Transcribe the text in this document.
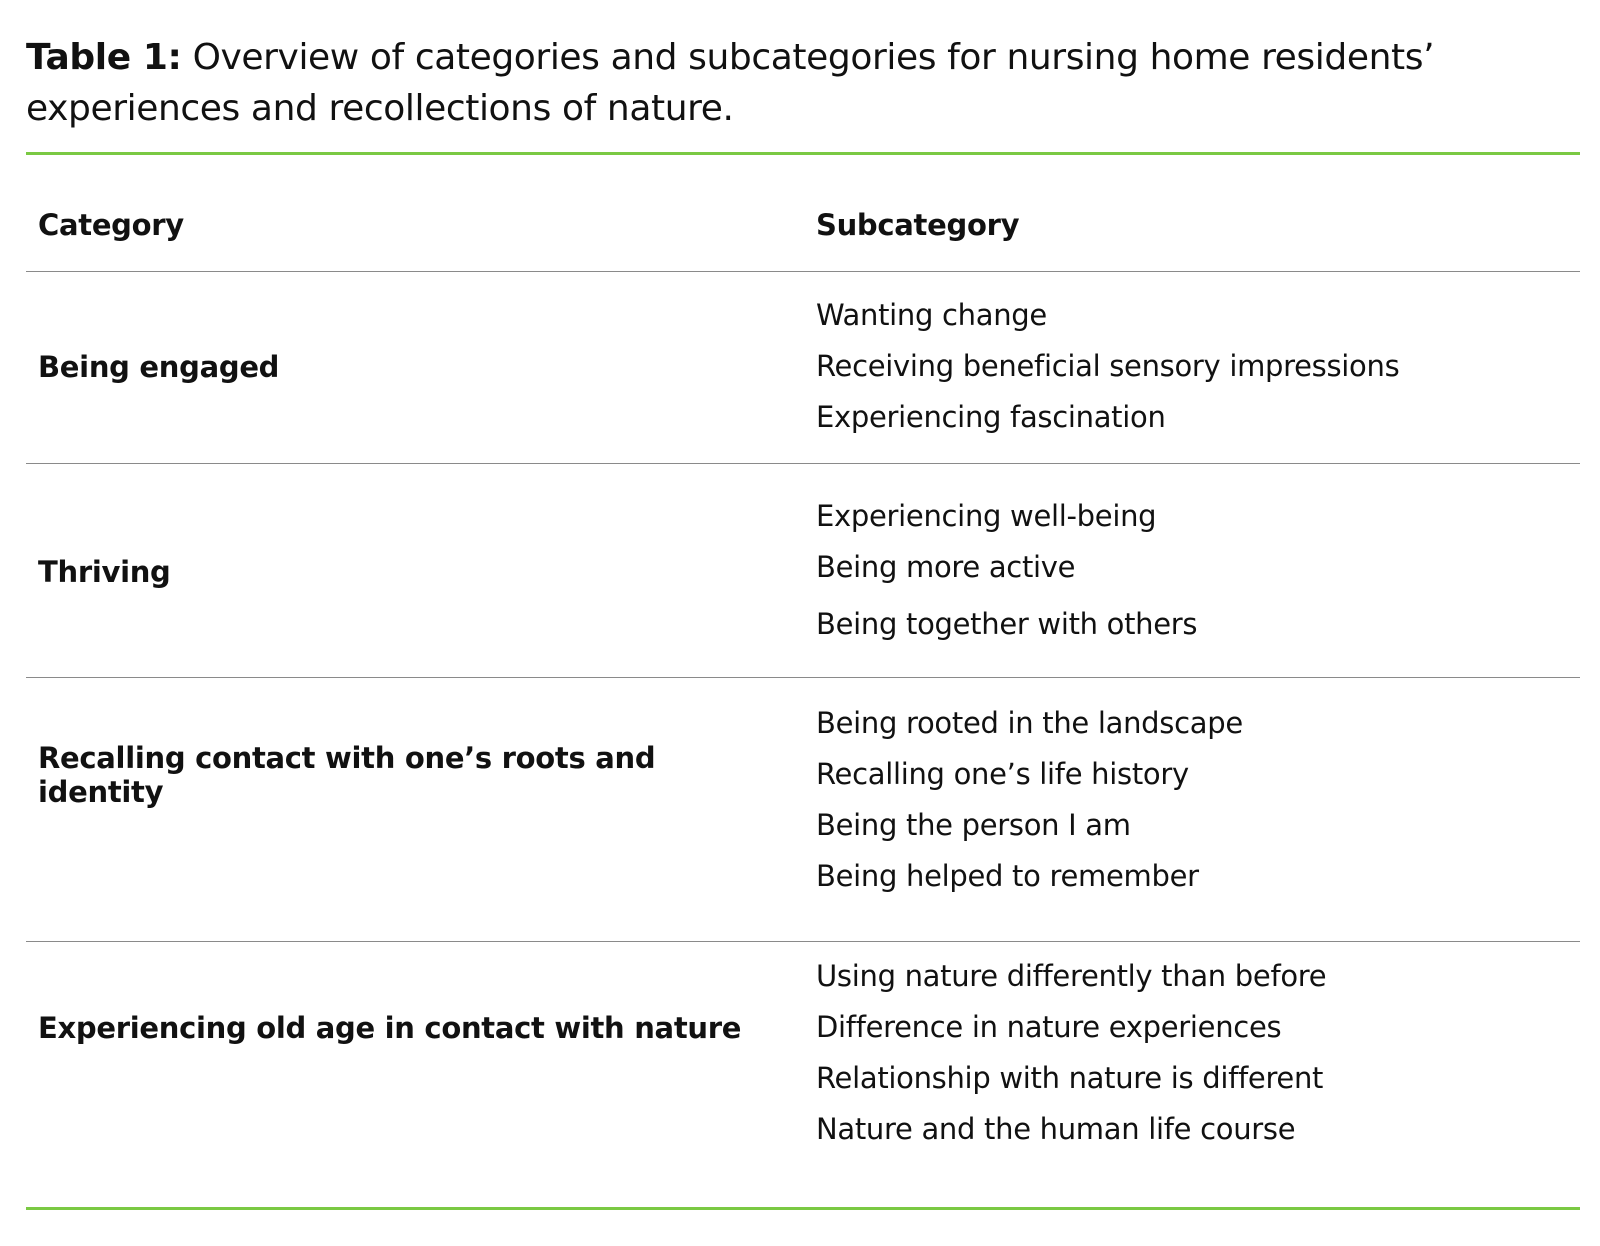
Table 1: Overview of categories and subcategories for nursing home residents’ experiences and recollections of nature.
Category	Subcategory
Being engaged
Wanting change
Receiving beneficial sensory impressions
Experiencing fascination
Thriving
Experiencing well-being
Being more active
Being together with others
Recalling contact with one’s roots and identity
Being rooted in the landscape
Recalling one’s life history
Being the person I am
Being helped to remember
Experiencing old age in contact with nature
Using nature differently than before
Difference in nature experiences
Relationship with nature is different
Nature and the human life course
